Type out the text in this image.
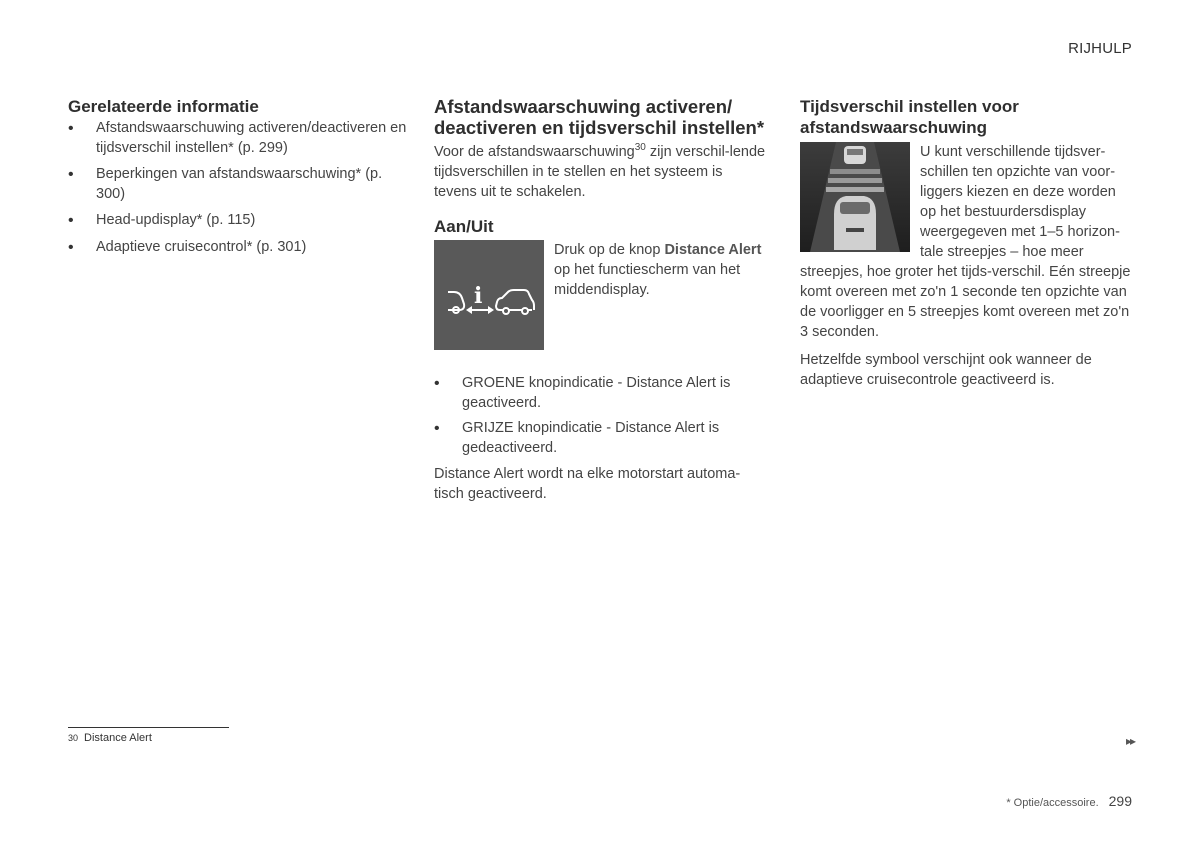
RIJHULP
Gerelateerde informatie
• Afstandswaarschuwing activeren/deactiveren en tijdsverschil instellen* (p. 299)
• Beperkingen van afstandswaarschuwing* (p. 300)
• Head-updisplay* (p. 115)
• Adaptieve cruisecontrol* (p. 301)
Afstandswaarschuwing activeren/ deactiveren en tijdsverschil instellen*

Voor de afstandswaarschuwing$^{30}$ zijn verschil-lende tijdsverschillen in te stellen en het systeem is tevens uit te schakelen.

Aan/Uit
i

Druk op de knop Distance Alert op het functiescherm van het middendisplay.

• GROENE knopindicatie - Distance Alert is geactiveerd.
• GRIJZE knopindicatie - Distance Alert is gedeactiveerd.

Distance Alert wordt na elke motorstart automa-tisch geactiveerd.

Tijdsverschil instellen voor afstandswaarschuwing

U kunt verschillende tijdsver-schillen ten opzichte van voor-liggers kiezen en deze worden op het bestuurdersdisplay weergegeven met 1–5 horizon-tale streepjes – hoe meer streepjes, hoe groter het tijds-verschil. Eén streepje komt overeen met zo'n 1 seconde ten opzichte van de voorligger en 5 streepjes komt overeen met zo'n 3 seconden.

Hetzelfde symbool verschijnt ook wanneer de adaptieve cruisecontrole geactiveerd is.

30 Distance Alert	▸▸
* Optie/accessoire. 299
